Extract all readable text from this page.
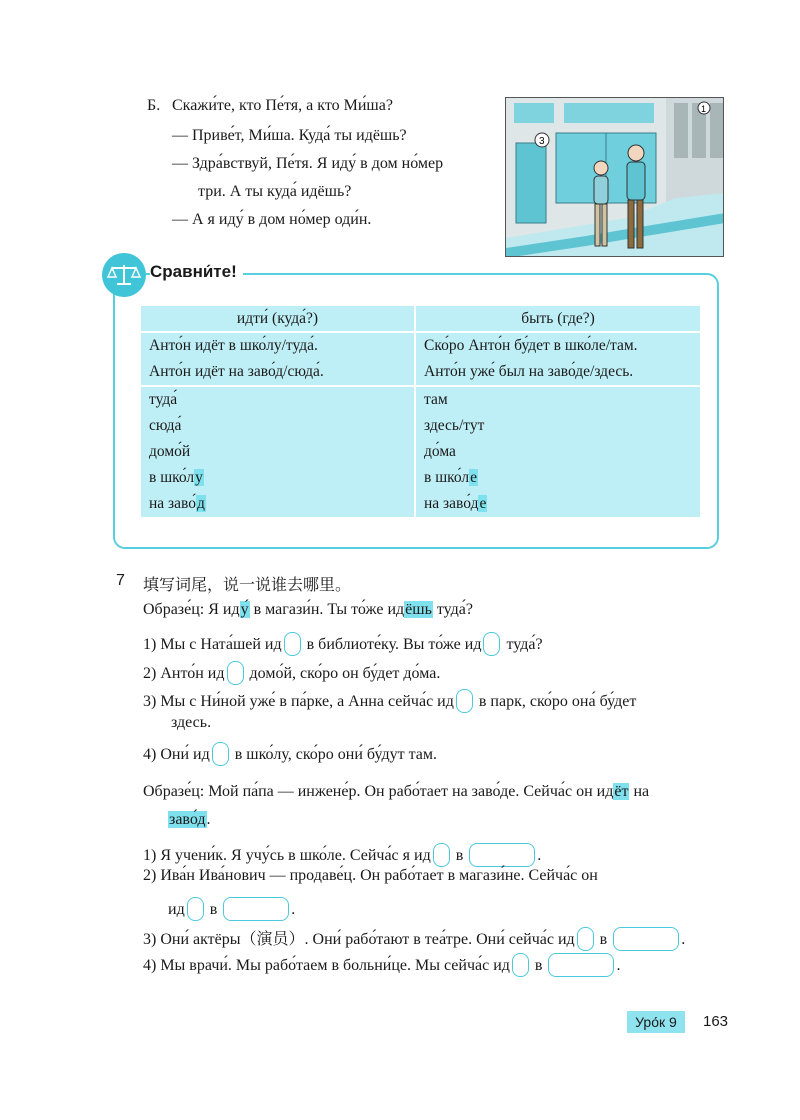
Б. Скажи́те, кто Пе́тя, а кто Ми́ша?
— Приве́т, Ми́ша. Куда́ ты идёшь?
— Здра́вствуй, Пе́тя. Я иду́ в дом но́мер
три. А ты куда́ идёшь?
— А я иду́ в дом но́мер оди́н.
3
1
Сравни́те!
идти́ (куда́?)	быть (где?)

Анто́н идёт в шко́лу/туда́.	Ско́ро Анто́н бу́дет в шко́ле/там.
Анто́н идёт на заво́д/сюда́.	Анто́н уже́ был на заво́де/здесь.

туда́	там
сюда́	здесь/тут
домо́й	до́ма
в шко́лу	в шко́ле
на заво́д	на заво́де
7 填写词尾，说一说谁去哪里。
Образе́ц: Я иду́ в магази́н. Ты то́же идёшь туда́?
1) Мы с Ната́шей ид в библиоте́ку. Вы то́же ид туда́?
2) Анто́н ид домо́й, ско́ро он бу́дет до́ма.
3) Мы с Ни́ной уже́ в па́рке, а Анна сейча́с ид в парк, ско́ро она́ бу́дет
здесь.
4) Они́ ид в шко́лу, ско́ро они́ бу́дут там.
Образе́ц: Мой па́па — инжене́р. Он рабо́тает на заво́де. Сейча́с он идёт на
заво́д.
1) Я учени́к. Я учу́сь в шко́ле. Сейча́с я ид в	.
2) Ива́н Ива́нович — продаве́ц. Он рабо́тает в магази́не. Сейча́с он
ид в	.
3) Они́ актёры（演员）. Они́ рабо́тают в теа́тре. Они́ сейча́с ид в	.
4) Мы врачи́. Мы рабо́таем в больни́це. Мы сейча́с ид в	.
Уро́к 9	163
